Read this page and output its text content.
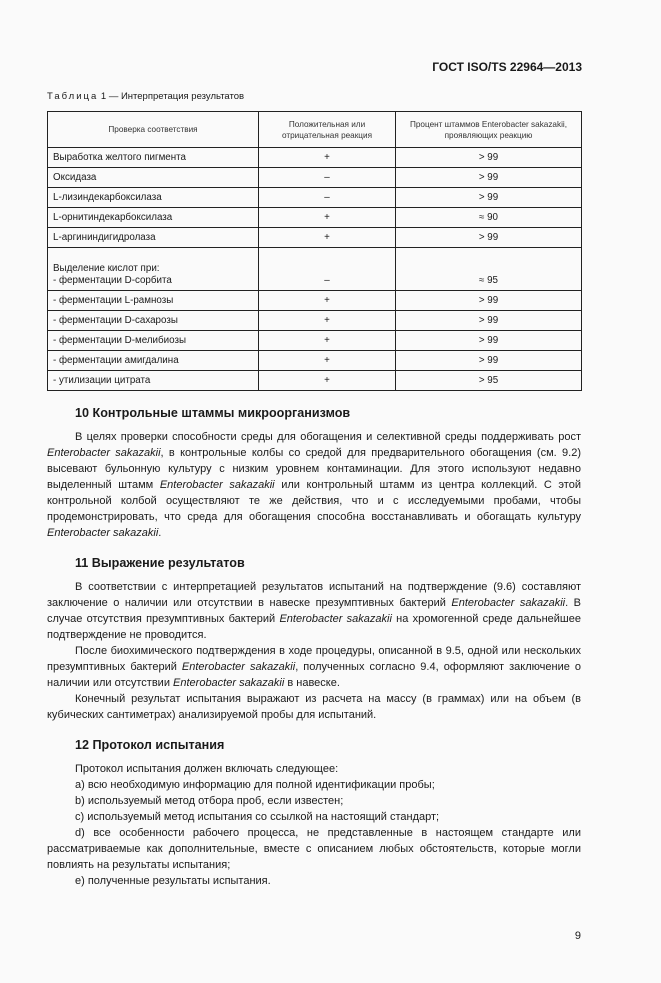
ГОСТ ISO/TS 22964—2013
Таблица 1 — Интерпретация результатов
Проверка соответствия	Положительная или отрицательная реакция	Процент штаммов Enterobacter sakazakii, проявляющих реакцию

Выработка желтого пигмента	+	> 99

Оксидаза	–	> 99

L-лизиндекарбоксилаза	–	> 99

L-орнитиндекарбоксилаза	+	≈ 90

L-аргининдигидролаза	+	> 99

Выделение кислот при:
- ферментации D-сорбита	–	≈ 95

- ферментации L-рамнозы	+	> 99

- ферментации D-сахарозы	+	> 99

- ферментации D-мелибиозы	+	> 99

- ферментации амигдалина	+	> 99

- утилизации цитрата	+	> 95
10 Контрольные штаммы микроорганизмов

В целях проверки способности среды для обогащения и селективной среды поддерживать рост Enterobacter sakazakii, в контрольные колбы со средой для предварительного обогащения (см. 9.2) высевают бульонную культуру с низким уровнем контаминации. Для этого используют недавно выделенный штамм Enterobacter sakazakii или контрольный штамм из центра коллекций. С этой контрольной колбой осуществляют те же действия, что и с исследуемыми пробами, чтобы продемонстрировать, что среда для обогащения способна восстанавливать и обогащать культуру Enterobacter sakazakii.

11 Выражение результатов

В соответствии с интерпретацией результатов испытаний на подтверждение (9.6) составляют заключение о наличии или отсутствии в навеске презумптивных бактерий Enterobacter sakazakii. В случае отсутствия презумптивных бактерий Enterobacter sakazakii на хромогенной среде дальнейшее подтверждение не проводится.

После биохимического подтверждения в ходе процедуры, описанной в 9.5, одной или нескольких презумптивных бактерий Enterobacter sakazakii, полученных согласно 9.4, оформляют заключение о наличии или отсутствии Enterobacter sakazakii в навеске.

Конечный результат испытания выражают из расчета на массу (в граммах) или на объем (в кубических сантиметрах) анализируемой пробы для испытаний.

12 Протокол испытания

Протокол испытания должен включать следующее:

a) всю необходимую информацию для полной идентификации пробы;

b) используемый метод отбора проб, если известен;

c) используемый метод испытания со ссылкой на настоящий стандарт;

d) все особенности рабочего процесса, не представленные в настоящем стандарте или рассматриваемые как дополнительные, вместе с описанием любых обстоятельств, которые могли повлиять на результаты испытания;

e) полученные результаты испытания.

9
